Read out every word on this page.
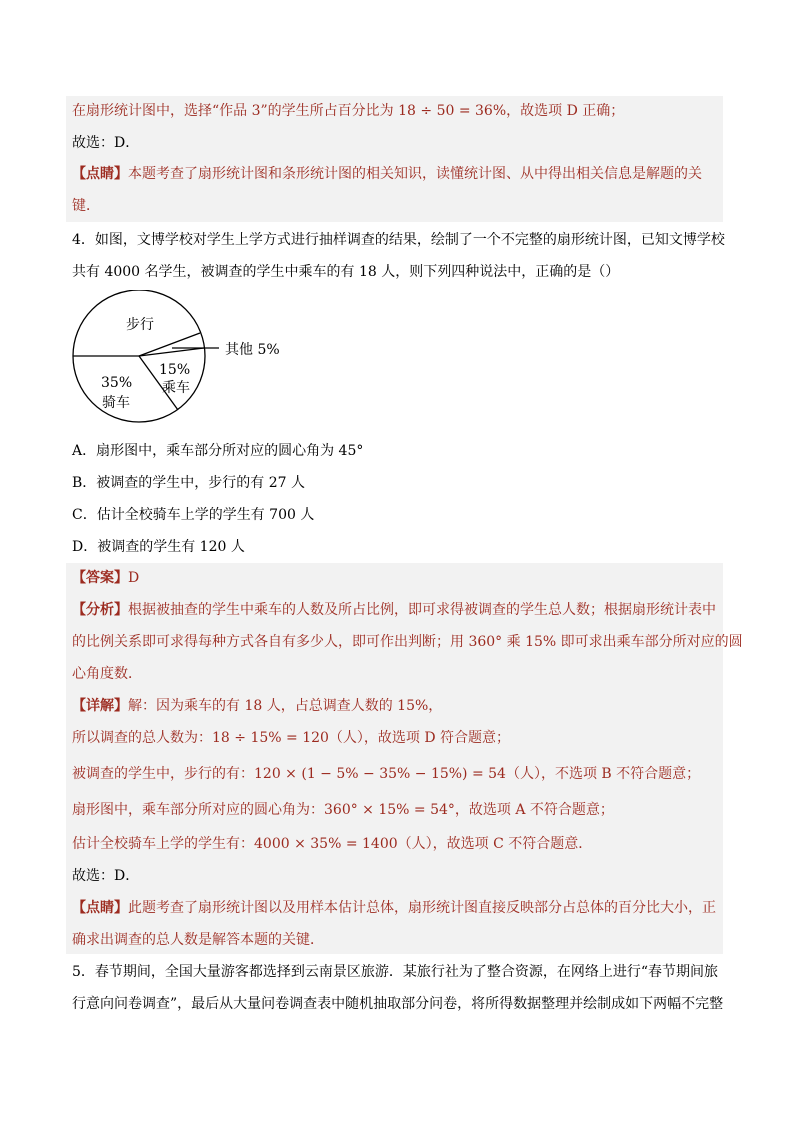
在扇形统计图中，选择“作品 3”的学生所占百分比为 18 ÷ 50 = 36%，故选项 D 正确；
故选：D．
【点睛】本题考查了扇形统计图和条形统计图的相关知识，读懂统计图、从中得出相关信息是解题的关
键．
4．如图，文博学校对学生上学方式进行抽样调查的结果，绘制了一个不完整的扇形统计图，已知文博学校
共有 4000 名学生，被调查的学生中乘车的有 18 人，则下列四种说法中，正确的是（）
步行
其他 5%
15%
乘车
35%
骑车
A．扇形图中，乘车部分所对应的圆心角为 45°
B．被调查的学生中，步行的有 27 人
C．估计全校骑车上学的学生有 700 人
D．被调查的学生有 120 人
【答案】D
【分析】根据被抽查的学生中乘车的人数及所占比例，即可求得被调查的学生总人数；根据扇形统计表中
的比例关系即可求得每种方式各自有多少人，即可作出判断；用 360° 乘 15% 即可求出乘车部分所对应的圆
心角度数．
【详解】解：因为乘车的有 18 人，占总调查人数的 15%，
所以调查的总人数为：18 ÷ 15% = 120（人），故选项 D 符合题意；
被调查的学生中，步行的有：120 × (1 − 5% − 35% − 15%) = 54（人），不选项 B 不符合题意；
扇形图中，乘车部分所对应的圆心角为：360° × 15% = 54°，故选项 A 不符合题意；
估计全校骑车上学的学生有：4000 × 35% = 1400（人），故选项 C 不符合题意．
故选：D．
【点睛】此题考查了扇形统计图以及用样本估计总体，扇形统计图直接反映部分占总体的百分比大小，正
确求出调查的总人数是解答本题的关键．
5．春节期间，全国大量游客都选择到云南景区旅游．某旅行社为了整合资源，在网络上进行“春节期间旅
行意向问卷调查”，最后从大量问卷调查表中随机抽取部分问卷，将所得数据整理并绘制成如下两幅不完整
